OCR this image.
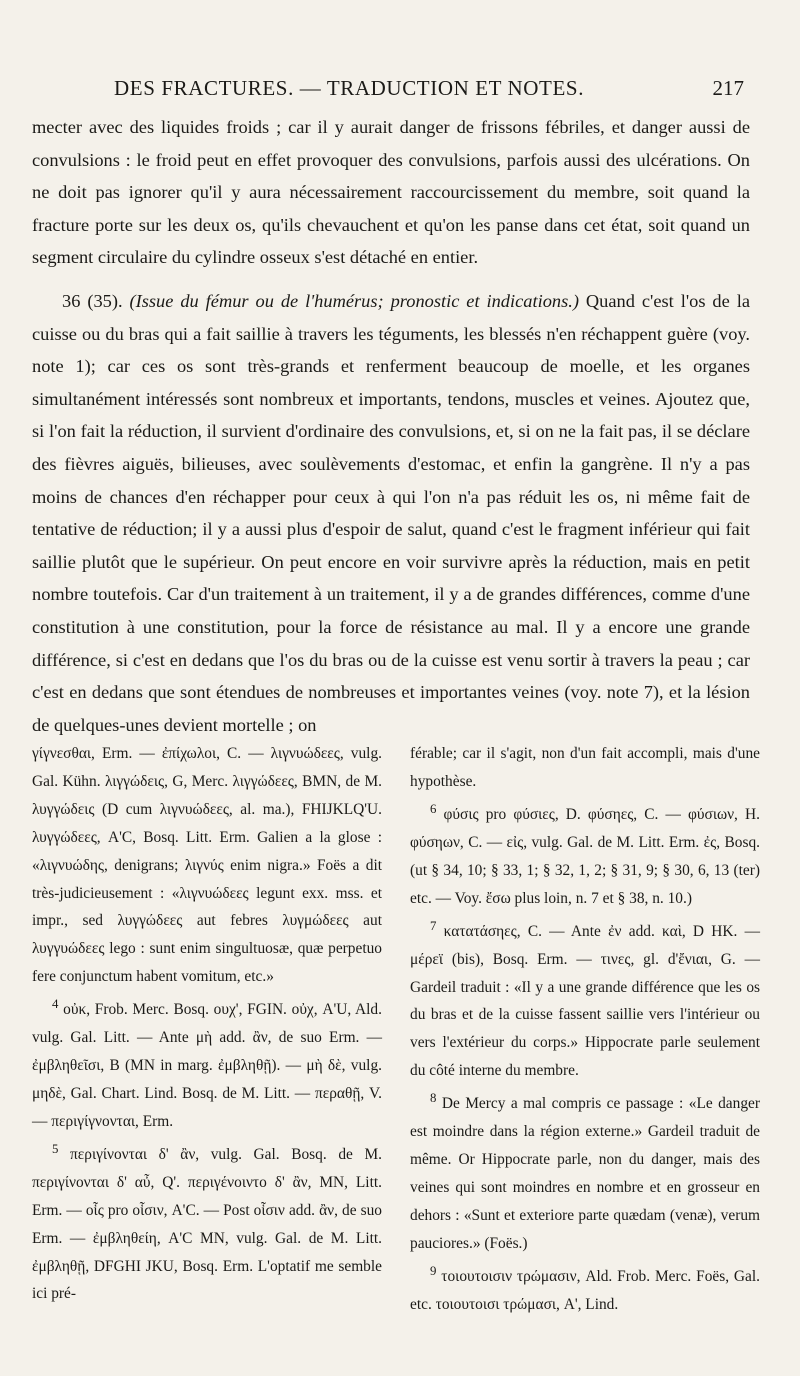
DES FRACTURES. — TRADUCTION ET NOTES.	217

mecter avec des liquides froids ; car il y aurait danger de frissons fébriles, et danger aussi de convulsions : le froid peut en effet provoquer des convulsions, parfois aussi des ulcérations. On ne doit pas ignorer qu'il y aura nécessairement raccourcissement du membre, soit quand la fracture porte sur les deux os, qu'ils chevauchent et qu'on les panse dans cet état, soit quand un segment circulaire du cylindre osseux s'est détaché en entier.

36 (35). (Issue du fémur ou de l'humérus; pronostic et indications.) Quand c'est l'os de la cuisse ou du bras qui a fait saillie à travers les téguments, les blessés n'en réchappent guère (voy. note 1); car ces os sont très-grands et renferment beaucoup de moelle, et les organes simultanément intéressés sont nombreux et importants, tendons, muscles et veines. Ajoutez que, si l'on fait la réduction, il survient d'ordinaire des convulsions, et, si on ne la fait pas, il se déclare des fièvres aiguës, bilieuses, avec soulèvements d'estomac, et enfin la gangrène. Il n'y a pas moins de chances d'en réchapper pour ceux à qui l'on n'a pas réduit les os, ni même fait de tentative de réduction; il y a aussi plus d'espoir de salut, quand c'est le fragment inférieur qui fait saillie plutôt que le supérieur. On peut encore en voir survivre après la réduction, mais en petit nombre toutefois. Car d'un traitement à un traitement, il y a de grandes différences, comme d'une constitution à une constitution, pour la force de résistance au mal. Il y a encore une grande différence, si c'est en dedans que l'os du bras ou de la cuisse est venu sortir à travers la peau ; car c'est en dedans que sont étendues de nombreuses et importantes veines (voy. note 7), et la lésion de quelques-unes devient mortelle ; on

γίγνεσθαι, Erm. — ἐπίχωλοι, C. — λιγνυώδεες, vulg. Gal. Kühn. λιγγώδεις, G, Merc. λιγγώδεες, BMN, de M. λυγγώδεις (D cum λιγνυώδεες, al. ma.), FHIJKLQ'U. λυγγώδεες, A'C, Bosq. Litt. Erm. Galien a la glose : «λιγνυώδης, denigrans; λιγνύς enim nigra.» Foës a dit très-judicieusement : «λιγνυώδεες legunt exx. mss. et impr., sed λυγγώδεες aut febres λυγμώδεες aut λυγγυώδεες lego : sunt enim singultuosæ, quæ perpetuo fere conjunctum habent vomitum, etc.»

$^4$ οὐκ, Frob. Merc. Bosq. ουχ', FGIN. οὐχ, A'U, Ald. vulg. Gal. Litt. — Ante μὴ add. ἂν, de suo Erm. — ἐμβληθεῖσι, B (MN in marg. ἐμβληθῇ). — μὴ δὲ, vulg. μηδὲ, Gal. Chart. Lind. Bosq. de M. Litt. — περαθῇ, V. — περιγίγνονται, Erm.

$^5$ περιγίνονται δ' ἂν, vulg. Gal. Bosq. de M. περιγίνονται δ' αὖ, Q'. περιγένοιντο δ' ἂν, MN, Litt. Erm. — οἷς pro οἷσιν, A'C. — Post οἷσιν add. ἂν, de suo Erm. — ἐμβληθείη, A'C MN, vulg. Gal. de M. Litt. ἐμβληθῇ, DFGHI JKU, Bosq. Erm. L'optatif me semble ici pré-

férable; car il s'agit, non d'un fait accompli, mais d'une hypothèse.

$^6$ φύσις pro φύσιες, D. φύσηες, C. — φύσιων, H. φύσηων, C. — εἰς, vulg. Gal. de M. Litt. Erm. ἐς, Bosq. (ut § 34, 10; § 33, 1; § 32, 1, 2; § 31, 9; § 30, 6, 13 (ter) etc. — Voy. ἔσω plus loin, n. 7 et § 38, n. 10.)

$^7$ κατατάσηες, C. — Ante ἐν add. καὶ, D HK. — μέρεϊ (bis), Bosq. Erm. — τινες, gl. d'ἔνιαι, G. — Gardeil traduit : «Il y a une grande différence que les os du bras et de la cuisse fassent saillie vers l'intérieur ou vers l'extérieur du corps.» Hippocrate parle seulement du côté interne du membre.

$^8$ De Mercy a mal compris ce passage : «Le danger est moindre dans la région externe.» Gardeil traduit de même. Or Hippocrate parle, non du danger, mais des veines qui sont moindres en nombre et en grosseur en dehors : «Sunt et exteriore parte quædam (venæ), verum pauciores.» (Foës.)

$^9$ τοιουτοισιν τρώμασιν, Ald. Frob. Merc. Foës, Gal. etc. τοιουτοισι τρώμασι, A', Lind.
